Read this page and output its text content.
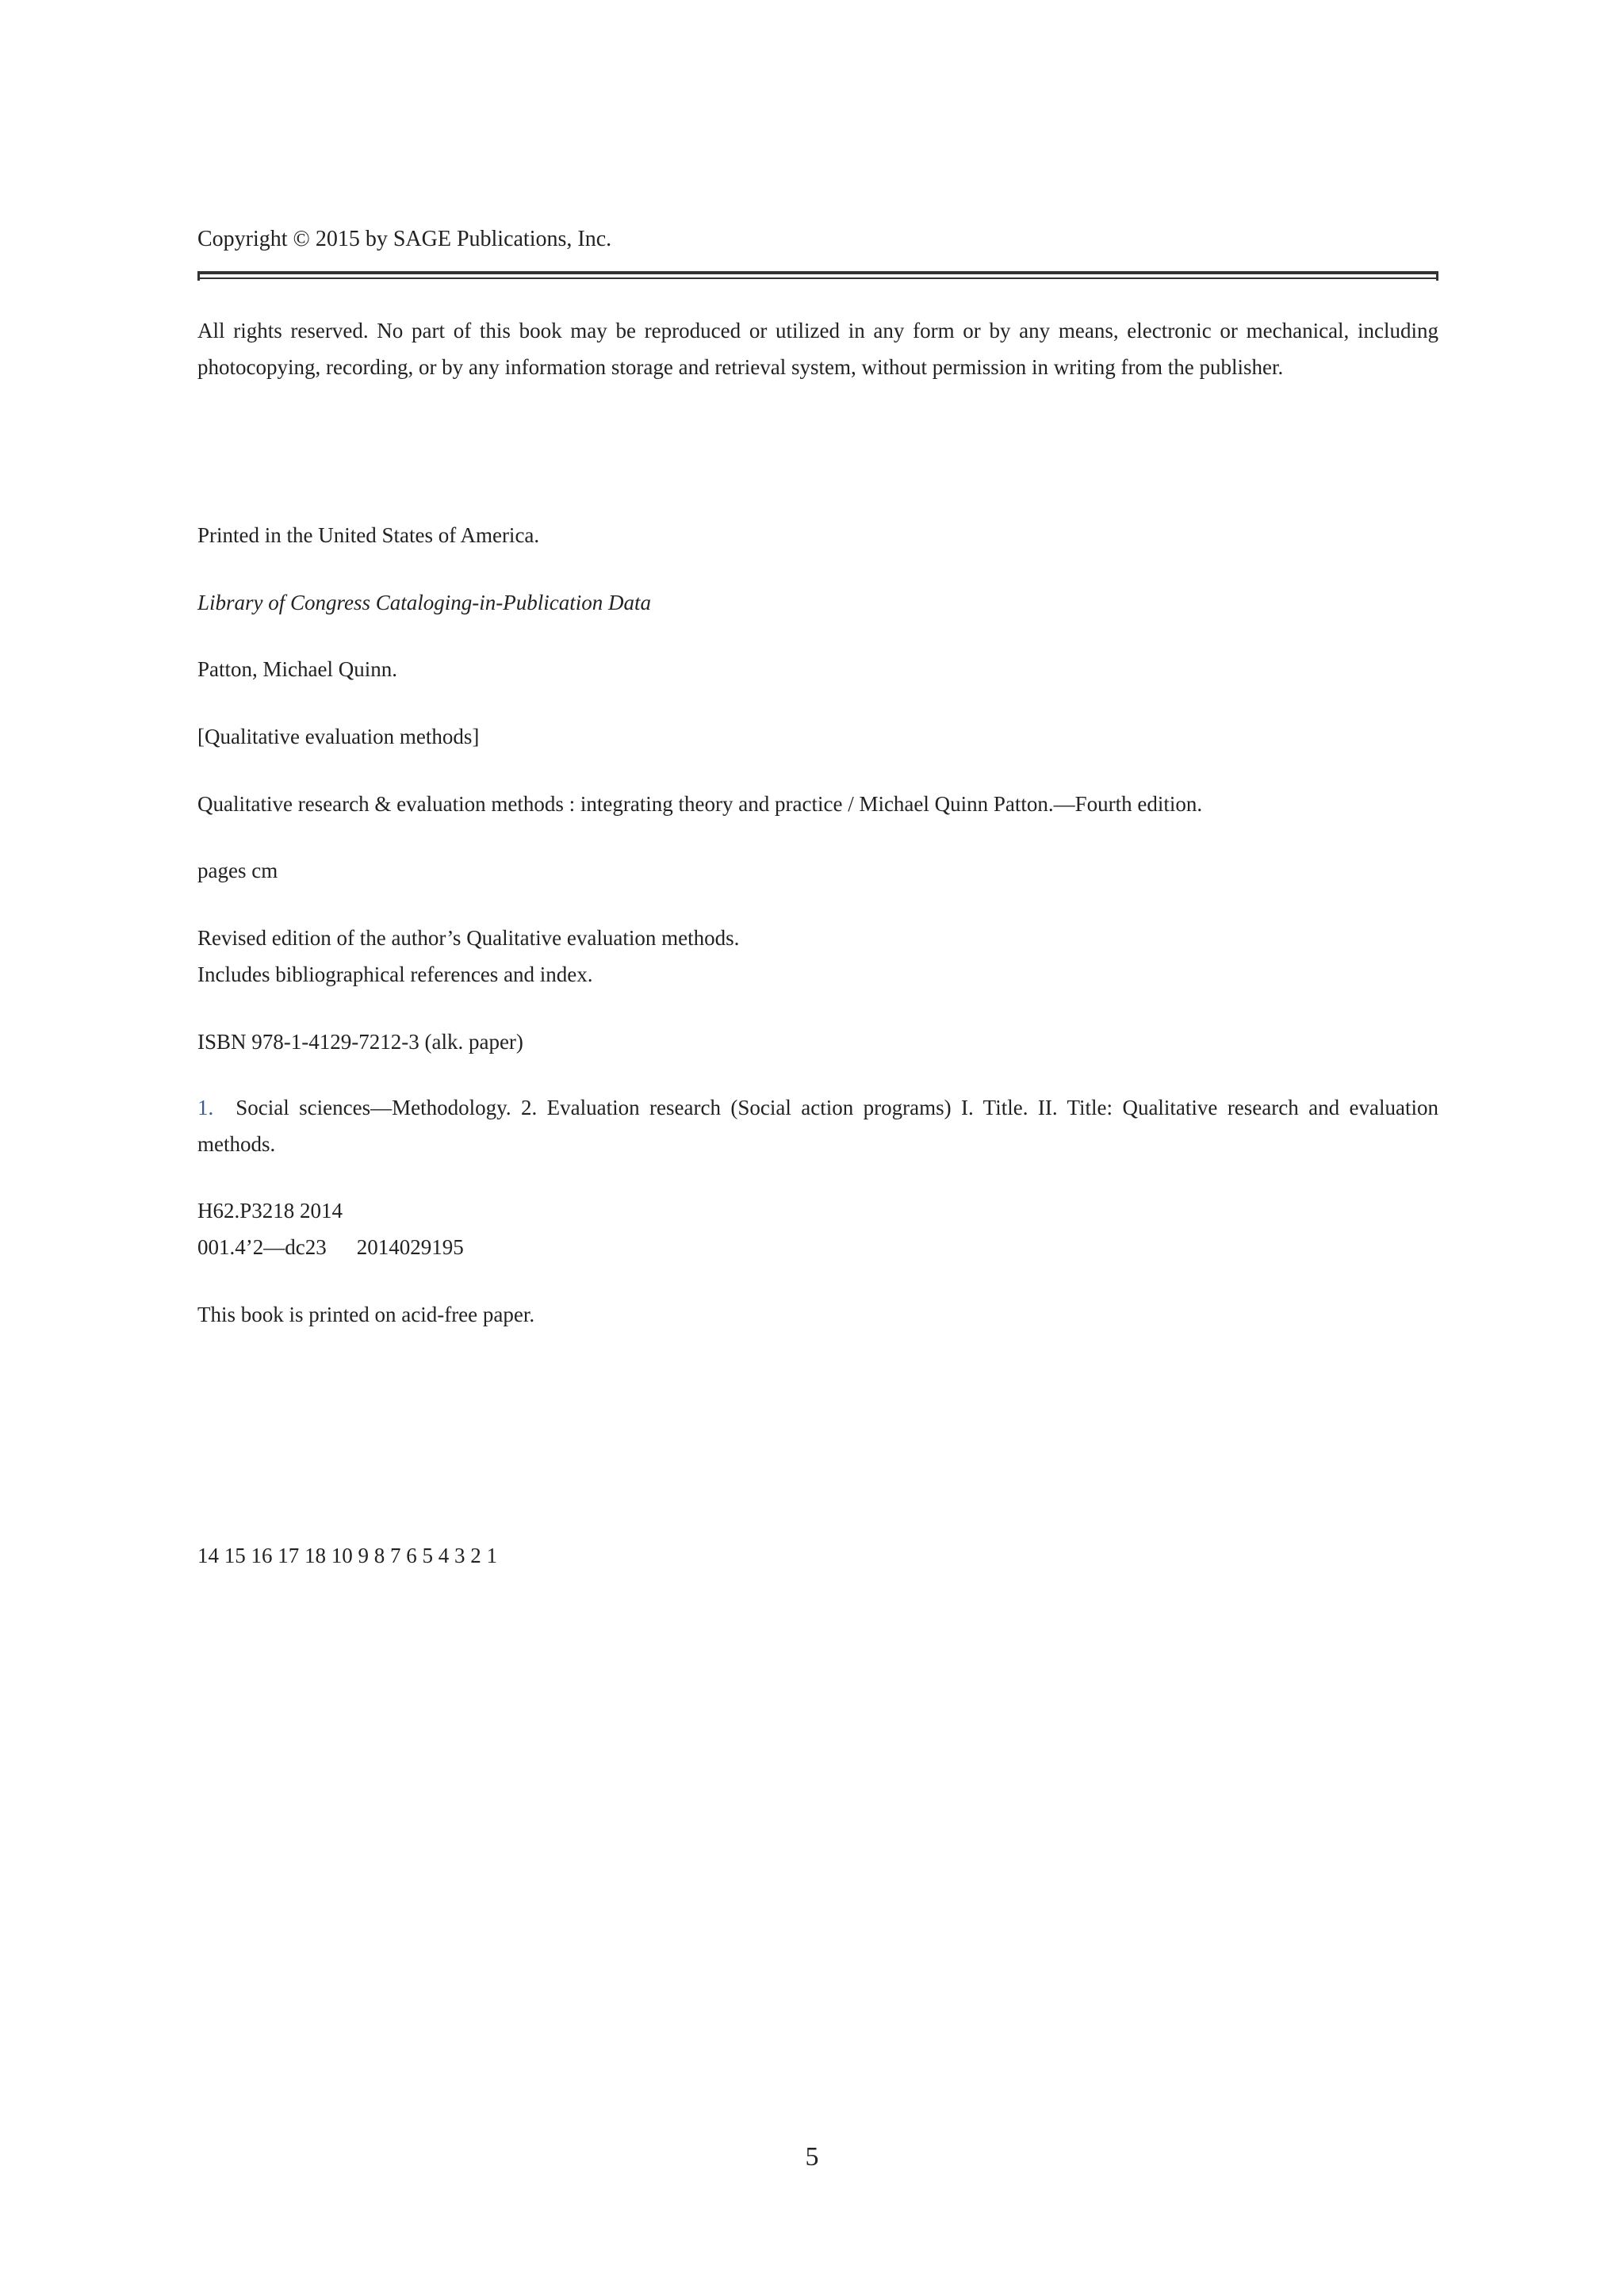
Copyright © 2015 by SAGE Publications, Inc.
All rights reserved. No part of this book may be reproduced or utilized in any form or by any means, electronic or mechanical, including photocopying, recording, or by any information storage and retrieval system, without permission in writing from the publisher.
Printed in the United States of America.
Library of Congress Cataloging-in-Publication Data
Patton, Michael Quinn.
[Qualitative evaluation methods]
Qualitative research & evaluation methods : integrating theory and practice / Michael Quinn Patton.—Fourth edition.
pages cm
Revised edition of the author’s Qualitative evaluation methods.
Includes bibliographical references and index.
ISBN 978-1-4129-7212-3 (alk. paper)
1. Social sciences—Methodology. 2. Evaluation research (Social action programs) I. Title. II. Title: Qualitative research and evaluation methods.
H62.P3218 2014
001.4’2—dc23 2014029195
This book is printed on acid-free paper.
14 15 16 17 18 10 9 8 7 6 5 4 3 2 1
5
